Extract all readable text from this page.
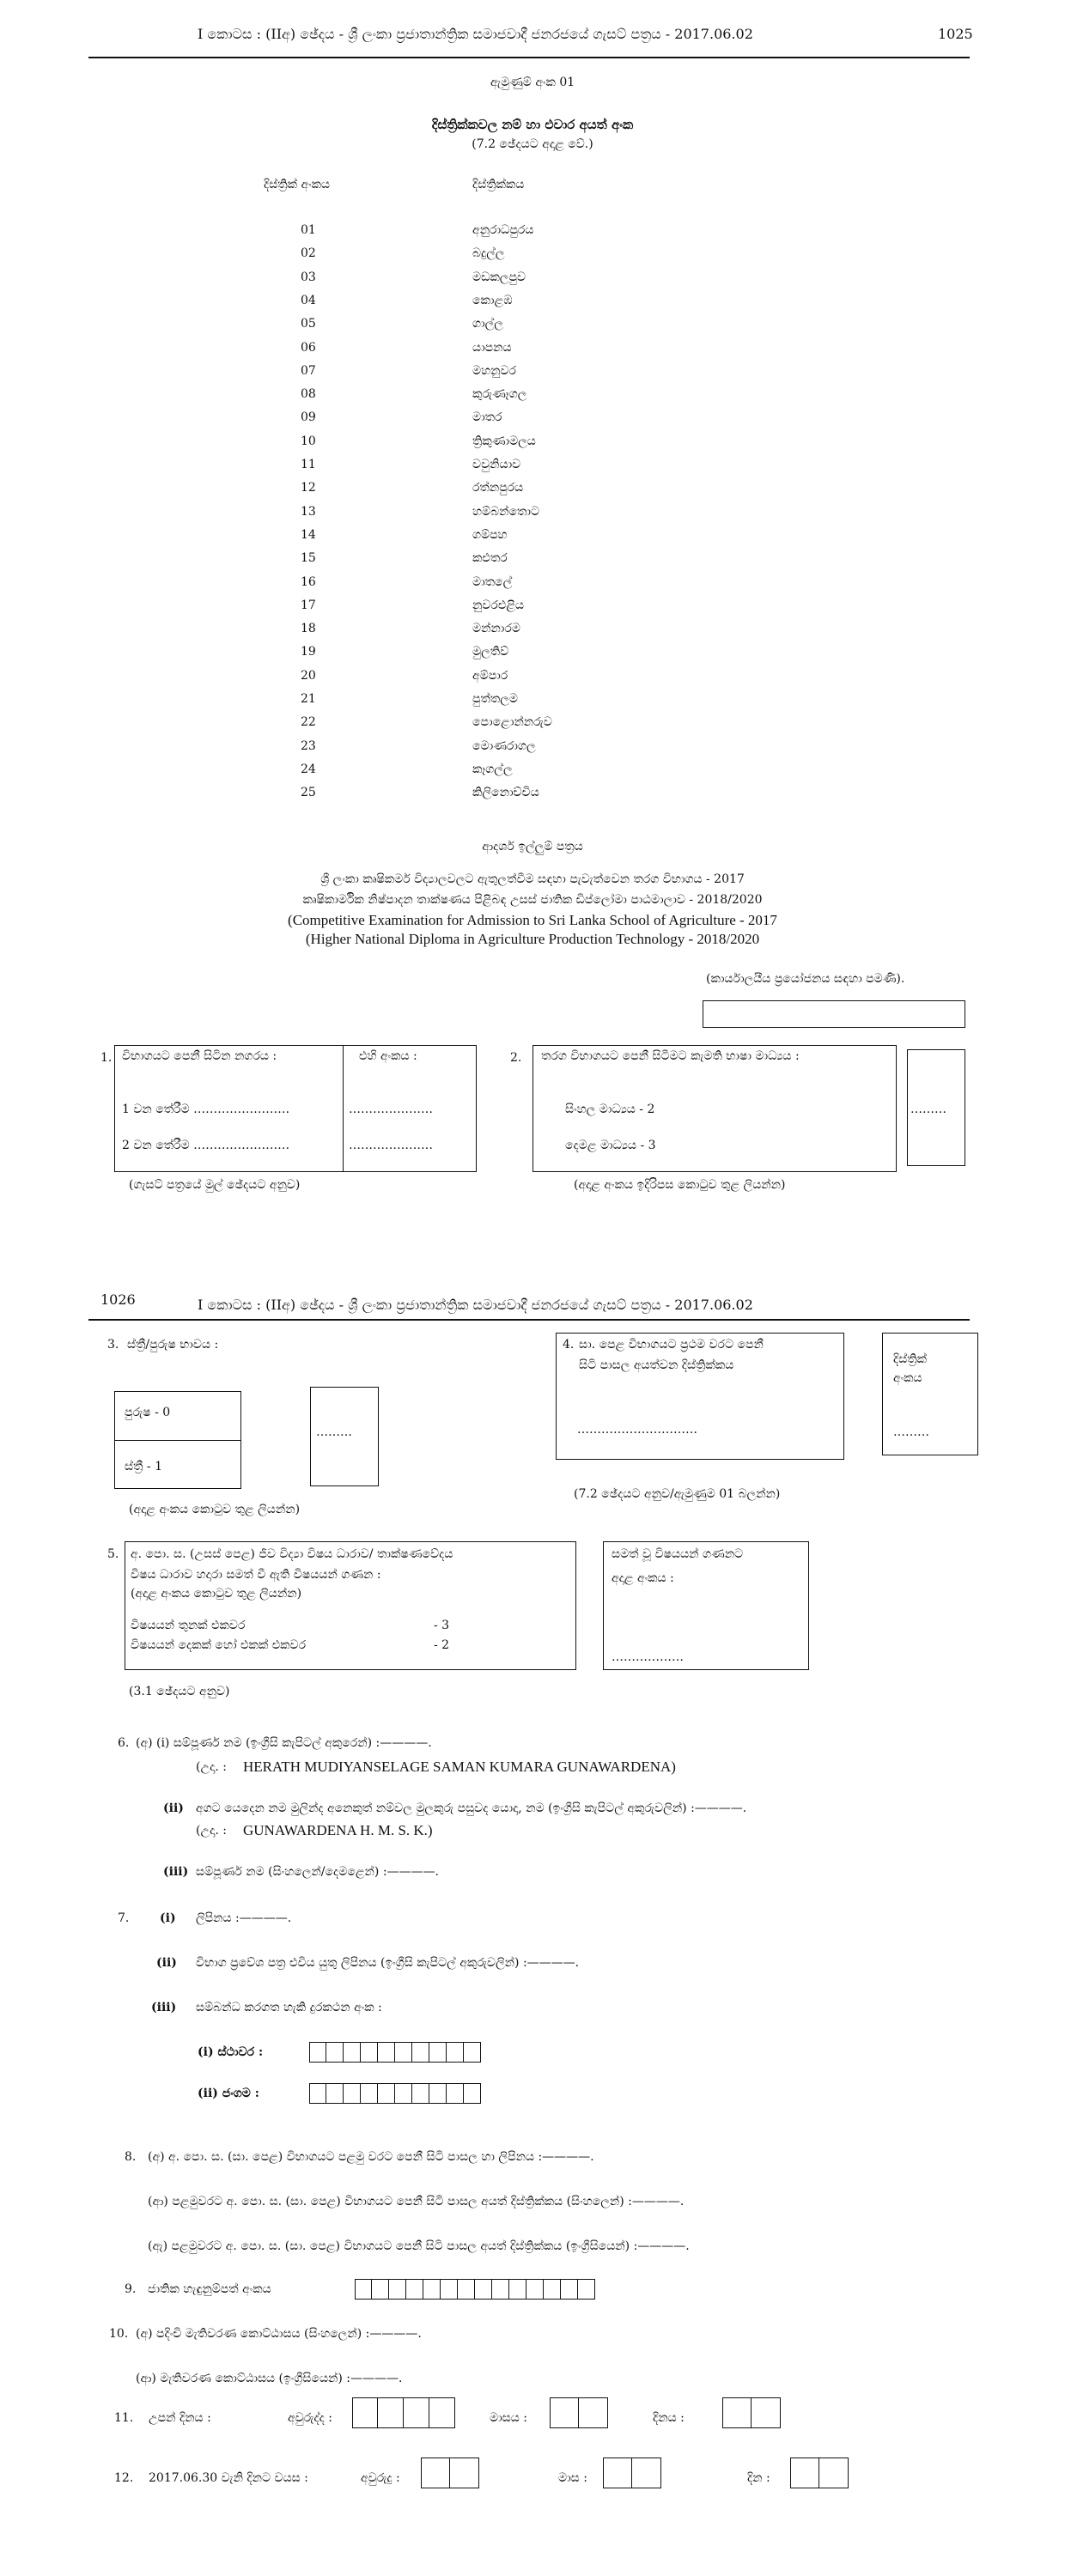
I කොටස : (IIඅ) ඡේදය - ශ්‍රී ලංකා ප්‍රජාතාන්ත්‍රික සමාජවාදී ජනරජයේ ගැසට් පත්‍රය - 2017.06.02	1025
ඇමුණුම් අංක 01
දිස්ත්‍රික්කවල නම් හා එවාර අයත් අංක
(7.2 ඡේදයට අදාළ වේ.)
දිස්ත්‍රික් අංකය	දිස්ත්‍රික්කය
01	අනුරාධපුරය
02	බදුල්ල
03	මඩකලපුව
04	කොළඹ
05	ගාල්ල
06	යාපනය
07	මහනුවර
08	කුරුණෑගල
09	මාතර
10	ත්‍රිකුණාමලය
11	වවුනියාව
12	රත්නපුරය
13	හම්බන්තොට
14	ගම්පහ
15	කළුතර
16	මාතලේ
17	නුවරඑළිය
18	මන්නාරම
19	මුලතිව්
20	අම්පාර
21	පුත්තලම
22	පොළොන්නරුව
23	මොණරාගල
24	කෑගල්ල
25	කිලිනොච්චිය
ආදර්ශ ඉල්ලුම් පත්‍රය
ශ්‍රී ලංකා කෘෂිකර්ම විද්‍යාලවලට ඇතුලත්වීම සඳහා පැවැත්වෙන තරග විභාගය - 2017
කෘෂිකාර්මික නිෂ්පාදන තාක්ෂණය පිළිබඳ උසස් ජාතික ඩිප්ලෝමා පාඨමාලාව - 2018/2020
(Competitive Examination for Admission to Sri Lanka School of Agriculture - 2017
(Higher National Diploma in Agriculture Production Technology - 2018/2020
(කාර්යාලයීය ප්‍රයෝජනය සඳහා පමණි).
1. විභාගයට පෙනී සිටින නගරය :	එහි අංකය :
1 වන තේරීම ……………………	…………………
2 වන තේරීම ……………………	…………………
(ගැසට් පත්‍රයේ මුල් ඡේදයට අනුව)
2. තරග විභාගයට පෙනී සිටීමට කැමති භාෂා මාධ්‍යය :
සිංහල මාධ්‍යය - 2
දෙමළ මාධ්‍යය - 3
………
(අදාළ අංකය ඉදිරිපස කොටුව තුළ ලියන්න)
1026	I කොටස : (IIඅ) ඡේදය - ශ්‍රී ලංකා ප්‍රජාතාන්ත්‍රික සමාජවාදී ජනරජයේ ගැසට් පත්‍රය - 2017.06.02
3. ස්ත්‍රී/පුරුෂ භාවය :
පුරුෂ - 0
ස්ත්‍රී - 1
………
(අදාළ අංකය කොටුව තුළ ලියන්න)
4. සා. පෙළ විභාගයට ප්‍රථම වරට පෙනී
සිටි පාසල අයත්වන දිස්ත්‍රික්කය
…………………………
දිස්ත්‍රික්
අංකය
………
(7.2 ඡේදයට අනුව/ඇමුණුම 01 බලන්න)
5. අ. පො. ස. (උසස් පෙළ) ජීව විද්‍යා විෂය ධාරාව/ තාක්ෂණවේදය
විෂය ධාරාව හදාරා සමත් වී ඇති විෂයයන් ගණන :
(අදාළ අංකය කොටුව තුළ ලියන්න)
විෂයයන් තුනක් එකවර	- 3
විෂයයන් දෙකක් හෝ එකක් එකවර	- 2
සමත් වූ විෂයයන් ගණනට
අදාළ අංකය :
………………
(3.1 ඡේදයට අනුව)
6. (අ) (i) සම්පූර්ණ නම (ඉංග්‍රීසි කැපිටල් අකුරෙන්) :————.
(උදා. : HERATH MUDIYANSELAGE SAMAN KUMARA GUNAWARDENA)
(ii) අගට යෙදෙන නම මුලින්ද අනෙකුත් නම්වල මුලකුරු පසුවද යොදා, නම (ඉංග්‍රීසි කැපිටල් අකුරුවලින්) :————.
(උදා. : GUNAWARDENA H. M. S. K.)
(iii) සම්පූර්ණ නම (සිංහලෙන්/දෙමළෙන්) :————.
7.	(i) ලිපිනය :————.
(ii) විභාග ප්‍රවේශ පත්‍ර එවිය යුතු ලිපිනය (ඉංග්‍රීසි කැපිටල් අකුරුවලින්) :————.
(iii) සම්බන්ධ කරගත හැකි දුරකථන අංක :
(i) ස්ථාවර :
(ii) ජංගම :
8. (අ) අ. පො. ස. (සා. පෙළ) විභාගයට පළමු වරට පෙනී සිටි පාසල හා ලිපිනය :————.
(ආ) පළමුවරට අ. පො. ස. (සා. පෙළ) විභාගයට පෙනී සිටි පාසල අයත් දිස්ත්‍රික්කය (සිංහලෙන්) :————.
(ඇ) පළමුවරට අ. පො. ස. (සා. පෙළ) විභාගයට පෙනී සිටි පාසල අයත් දිස්ත්‍රික්කය (ඉංග්‍රීසියෙන්) :————.
9. ජාතික හැඳුනුම්පත් අංකය
10. (අ) පදිංචි මැතිවරණ කොට්ඨාසය (සිංහලෙන්) :————.
(ආ) මැතිවරණ කොට්ඨාසය (ඉංග්‍රීසියෙන්) :————.
11. උපන් දිනය :	අවුරුද්ද :	මාසය :	දිනය :
12. 2017.06.30 වැනි දිනට වයස :	අවුරුදු :	මාස :	දින :
